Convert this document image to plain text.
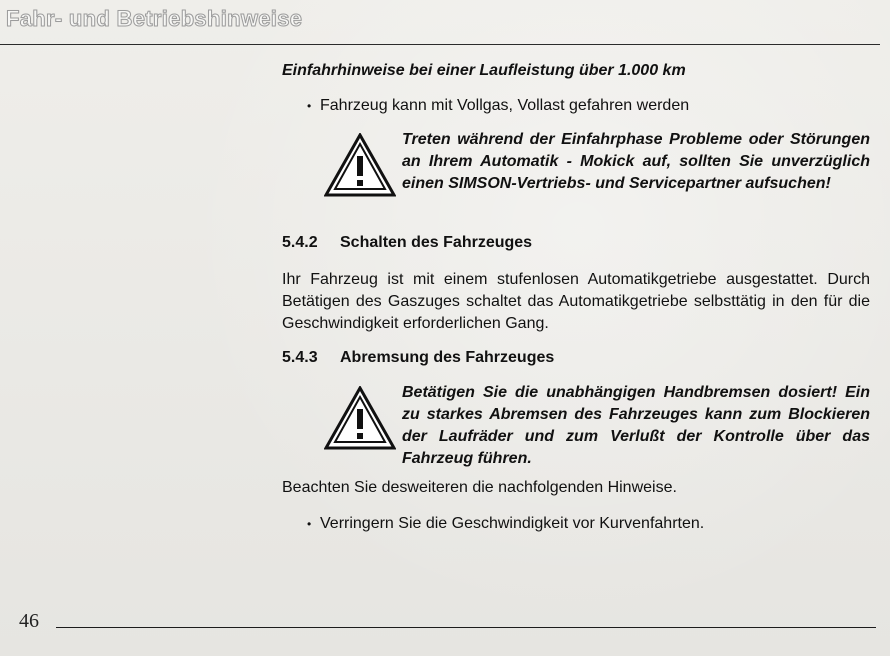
Fahr- und Betriebshinweise

Einfahrhinweise bei einer Laufleistung über 1.000 km

• Fahrzeug kann mit Vollgas, Vollast gefahren werden

Treten während der Einfahrphase Probleme oder Störungen an Ihrem Automatik - Mokick auf, sollten Sie unverzüglich einen SIMSON-Vertriebs- und Servicepartner aufsuchen!

5.4.2 Schalten des Fahrzeuges

Ihr Fahrzeug ist mit einem stufenlosen Automatikgetriebe ausgestattet. Durch Betätigen des Gaszuges schaltet das Automatikgetriebe selbsttätig in den für die Geschwindigkeit erforderlichen Gang.

5.4.3 Abremsung des Fahrzeuges

Betätigen Sie die unabhängigen Handbremsen dosiert! Ein zu starkes Abremsen des Fahrzeuges kann zum Blockieren der Laufräder und zum Verlußt der Kontrolle über das Fahrzeug führen.

Beachten Sie desweiteren die nachfolgenden Hinweise.

• Verringern Sie die Geschwindigkeit vor Kurvenfahrten.

46
